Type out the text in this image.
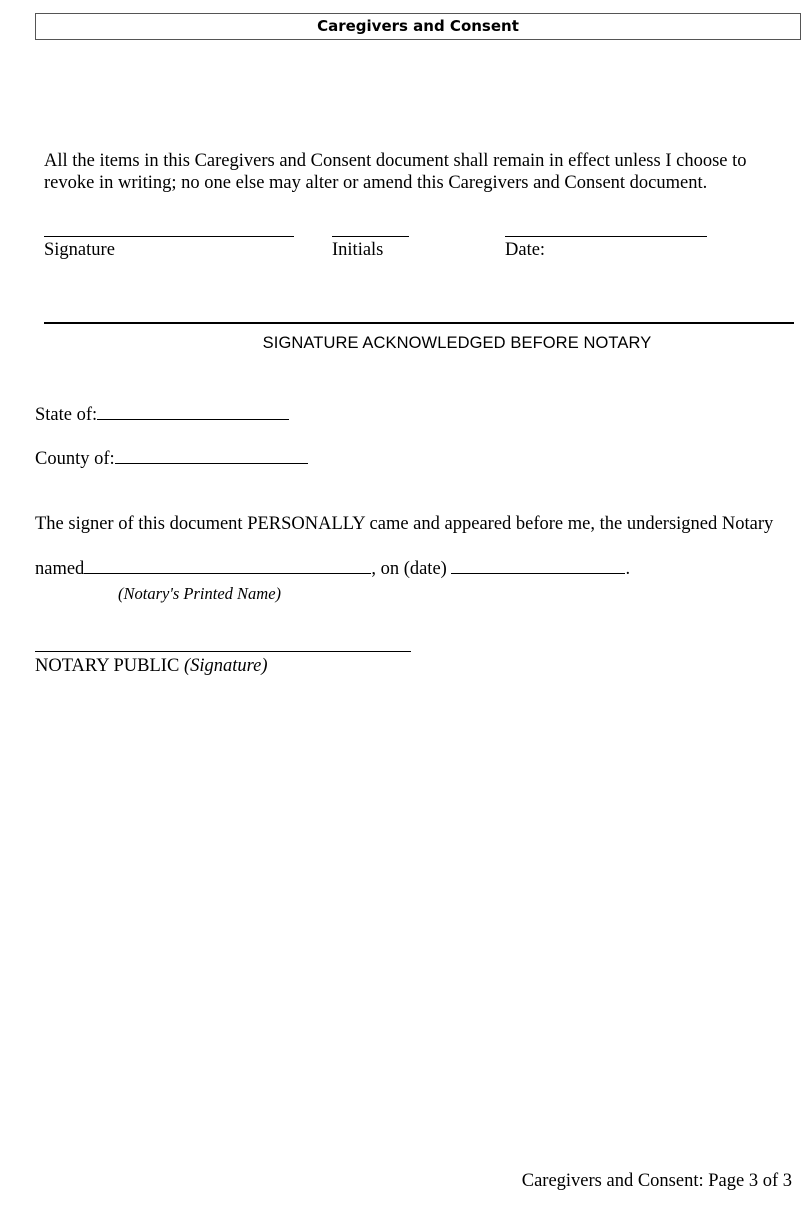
Caregivers and Consent
All the items in this Caregivers and Consent document shall remain in effect unless I choose to revoke in writing; no one else may alter or amend this Caregivers and Consent document.
Signature	Initials	Date:
SIGNATURE ACKNOWLEDGED BEFORE NOTARY
State of:
County of:
The signer of this document PERSONALLY came and appeared before me, the undersigned Notary
named	, on (date)	.
(Notary's Printed Name)
NOTARY PUBLIC (Signature)
Caregivers and Consent: Page 3 of 3
